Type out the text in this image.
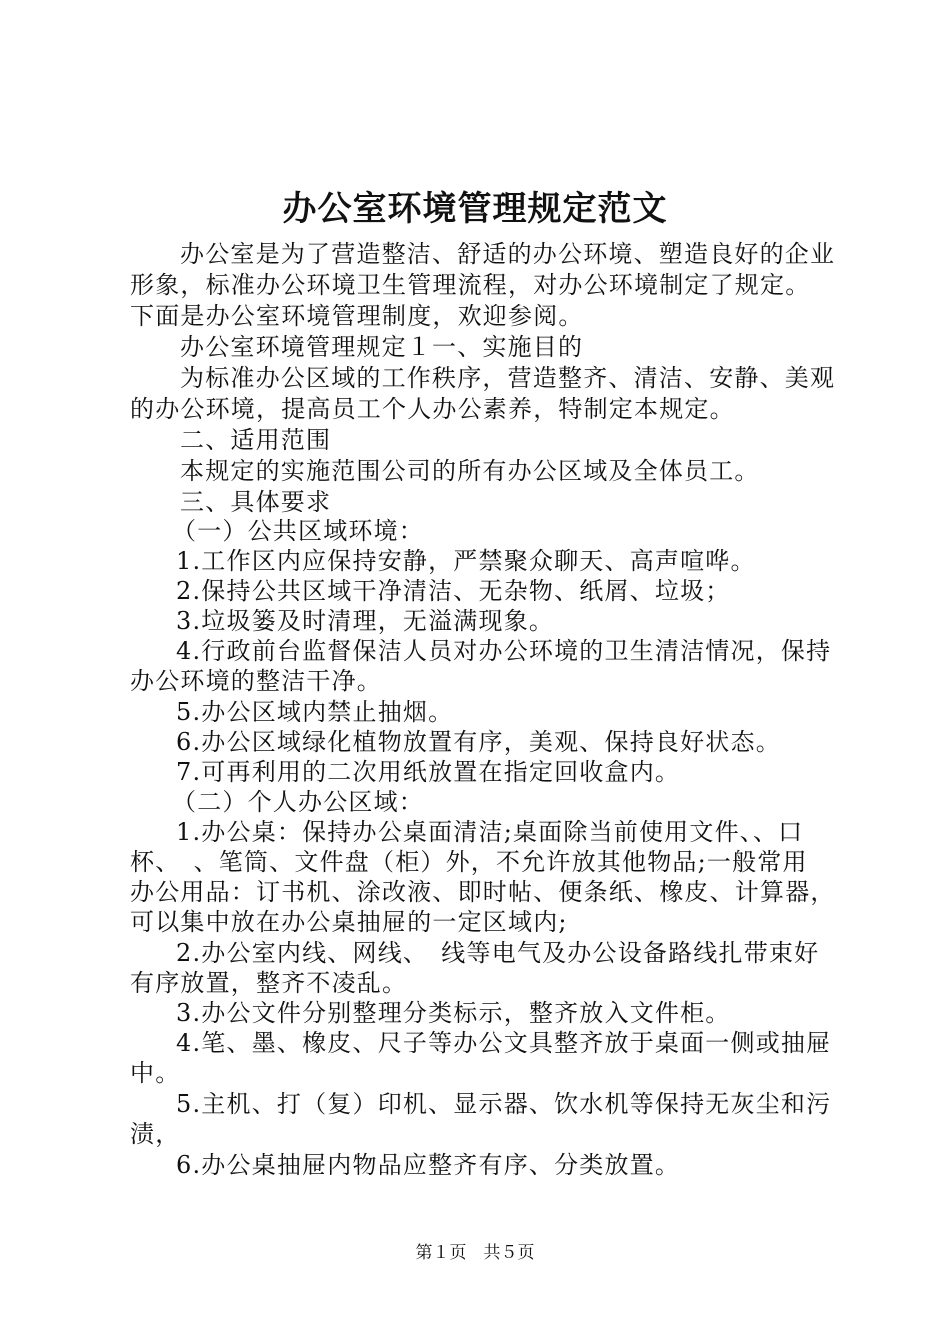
办公室环境管理规定范文
办公室是为了营造整洁、舒适的办公环境、塑造良好的企业
形象，标准办公环境卫生管理流程，对办公环境制定了规定。
下面是办公室环境管理制度，欢迎参阅。
办公室环境管理规定１一、实施目的
为标准办公区域的工作秩序，营造整齐、清洁、安静、美观
的办公环境，提高员工个人办公素养，特制定本规定。
二、适用范围
本规定的实施范围公司的所有办公区域及全体员工。
三、具体要求
（一）公共区域环境：
1.工作区内应保持安静，严禁聚众聊天、高声喧哗。
2.保持公共区域干净清洁、无杂物、纸屑、垃圾；
3.垃圾篓及时清理，无溢满现象。
4.行政前台监督保洁人员对办公环境的卫生清洁情况，保持
办公环境的整洁干净。
5.办公区域内禁止抽烟。
6.办公区域绿化植物放置有序，美观、保持良好状态。
7.可再利用的二次用纸放置在指定回收盒内。
（二）个人办公区域：
1.办公桌：保持办公桌面清洁;桌面除当前使用文件、、口
杯、　、笔筒、文件盘（柜）外，不允许放其他物品;一般常用
办公用品：订书机、涂改液、即时帖、便条纸、橡皮、计算器，
可以集中放在办公桌抽屉的一定区域内;
2.办公室内线、网线、　线等电气及办公设备路线扎带束好
有序放置，整齐不凌乱。
3.办公文件分别整理分类标示，整齐放入文件柜。
4.笔、墨、橡皮、尺子等办公文具整齐放于桌面一侧或抽屉
中。
5.主机、打（复）印机、显示器、饮水机等保持无灰尘和污
渍，
6.办公桌抽屉内物品应整齐有序、分类放置。
第１页　共５页
